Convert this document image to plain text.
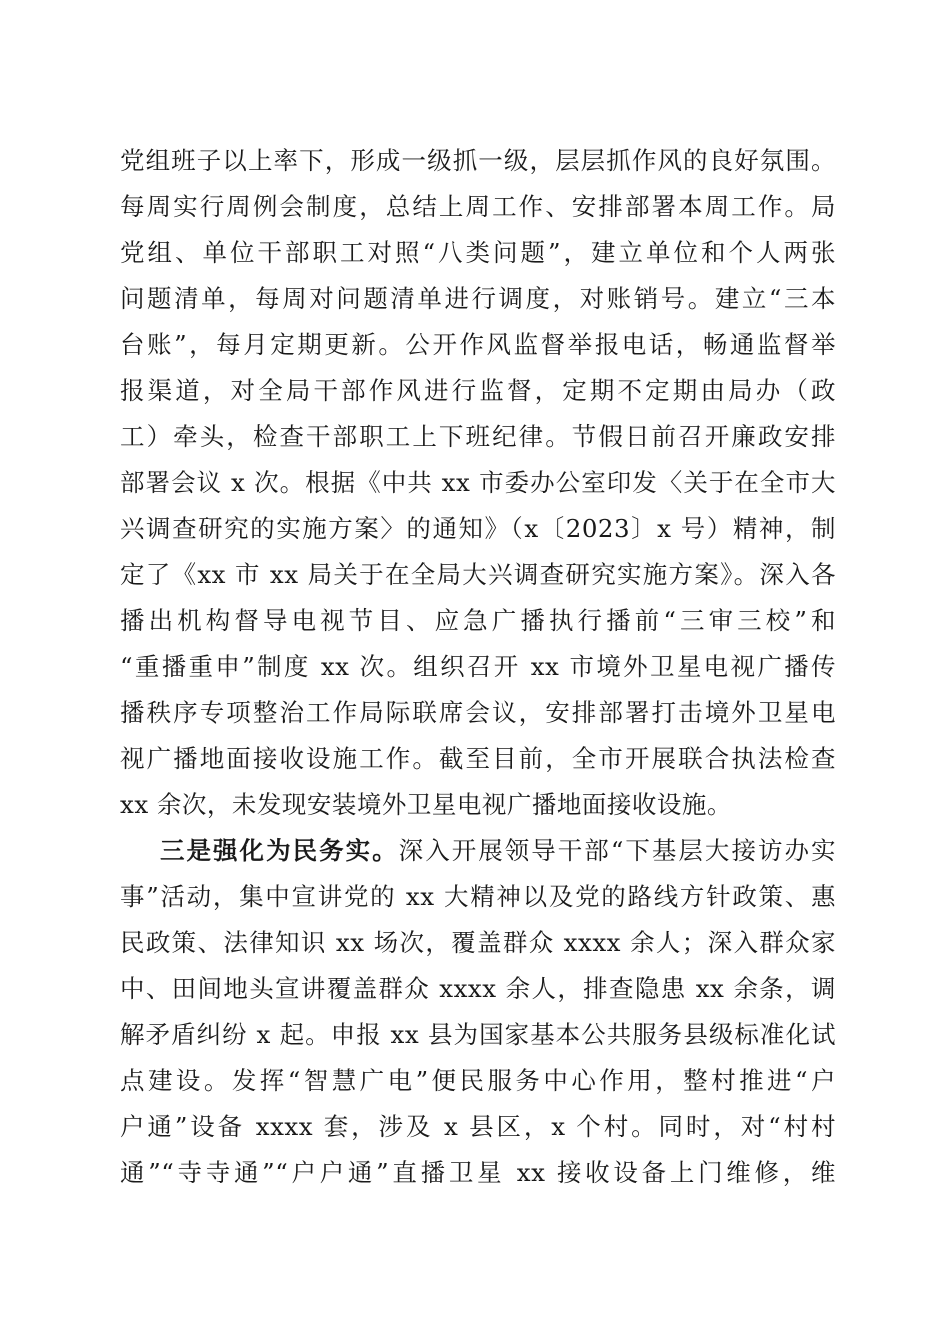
党组班子以上率下，形成一级抓一级，层层抓作风的良好氛围。
每周实行周例会制度，总结上周工作、安排部署本周工作。局
党组、单位干部职工对照“八类问题”，建立单位和个人两张
问题清单，每周对问题清单进行调度，对账销号。建立“三本
台账”，每月定期更新。公开作风监督举报电话，畅通监督举
报渠道，对全局干部作风进行监督，定期不定期由局办（政
工）牵头，检查干部职工上下班纪律。节假日前召开廉政安排
部署会议 x 次。根据《中共 xx 市委办公室印发〈关于在全市大
兴调查研究的实施方案〉的通知》（x〔2023〕x 号）精神，制
定了《xx 市 xx 局关于在全局大兴调查研究实施方案》。深入各
播出机构督导电视节目、应急广播执行播前“三审三校”和
“重播重申”制度 xx 次。组织召开 xx 市境外卫星电视广播传
播秩序专项整治工作局际联席会议，安排部署打击境外卫星电
视广播地面接收设施工作。截至目前，全市开展联合执法检查
xx 余次，未发现安装境外卫星电视广播地面接收设施。
三是强化为民务实。深入开展领导干部“下基层大接访办实
事”活动，集中宣讲党的 xx 大精神以及党的路线方针政策、惠
民政策、法律知识 xx 场次，覆盖群众 xxxx 余人；深入群众家
中、田间地头宣讲覆盖群众 xxxx 余人，排查隐患 xx 余条，调
解矛盾纠纷 x 起。申报 xx 县为国家基本公共服务县级标准化试
点建设。发挥“智慧广电”便民服务中心作用，整村推进“户
户通”设备 xxxx 套，涉及 x 县区，x 个村。同时，对“村村
通”“寺寺通”“户户通”直播卫星 xx 接收设备上门维修，维
